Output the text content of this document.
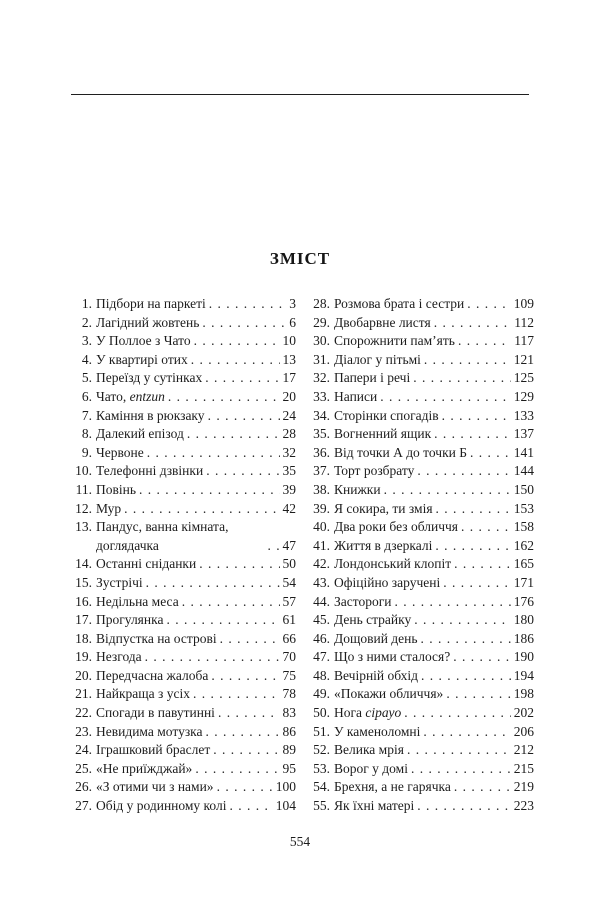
ЗМІСТ
1. Підбори на паркеті . . .	3
2. Лагідний жовтень . . .	6
3. У Поллое з Чато . . .	10
4. У квартирі отих . . .	13
5. Переїзд у сутінках . . .	17
6. Чато, entzun . . .	20
7. Каміння в рюкзаку . . .	24
8. Далекий епізод . . .	28
9. Червоне . . .	32
10. Телефонні дзвінки . . .	35
11. Повінь . . .	39
12. Мур . . .	42
13. Пандус, ванна кімната, доглядачка . . .	47
14. Останні сніданки . . .	50
15. Зустрічі . . .	54
16. Недільна меса . . .	57
17. Прогулянка . . .	61
18. Відпустка на острові . . .	66
19. Незгода . . .	70
20. Передчасна жалоба . . .	75
21. Найкраща з усіх . . .	78
22. Спогади в павутинні . . .	83
23. Невидима мотузка . . .	86
24. Іграшковий браслет . . .	89
25. «Не приїжджай» . . .	95
26. «З отими чи з нами» . . .	100
27. Обід у родинному колі . . .	104
28. Розмова брата і сестри . . .	109
29. Двобарвне листя . . .	112
30. Спорожнити пам’ять . . .	117
31. Діалог у пітьмі . . .	121
32. Папери і речі . . .	125
33. Написи . . .	129
34. Сторінки спогадів . . .	133
35. Вогненний ящик . . .	137
36. Від точки А до точки Б . . .	141
37. Торт розбрату . . .	144
38. Книжки . . .	150
39. Я сокира, ти змія . . .	153
40. Два роки без обличчя . . .	158
41. Життя в дзеркалі . . .	162
42. Лондонський клопіт . . .	165
43. Офіційно заручені . . .	171
44. Застороги . . .	176
45. День страйку . . .	180
46. Дощовий день . . .	186
47. Що з ними сталося? . . .	190
48. Вечірній обхід . . .	194
49. «Покажи обличчя» . . .	198
50. Нога сірауо . . .	202
51. У каменоломні . . .	206
52. Велика мрія . . .	212
53. Ворог у домі . . .	215
54. Брехня, а не гарячка . . .	219
55. Як їхні матері . . .	223
554
